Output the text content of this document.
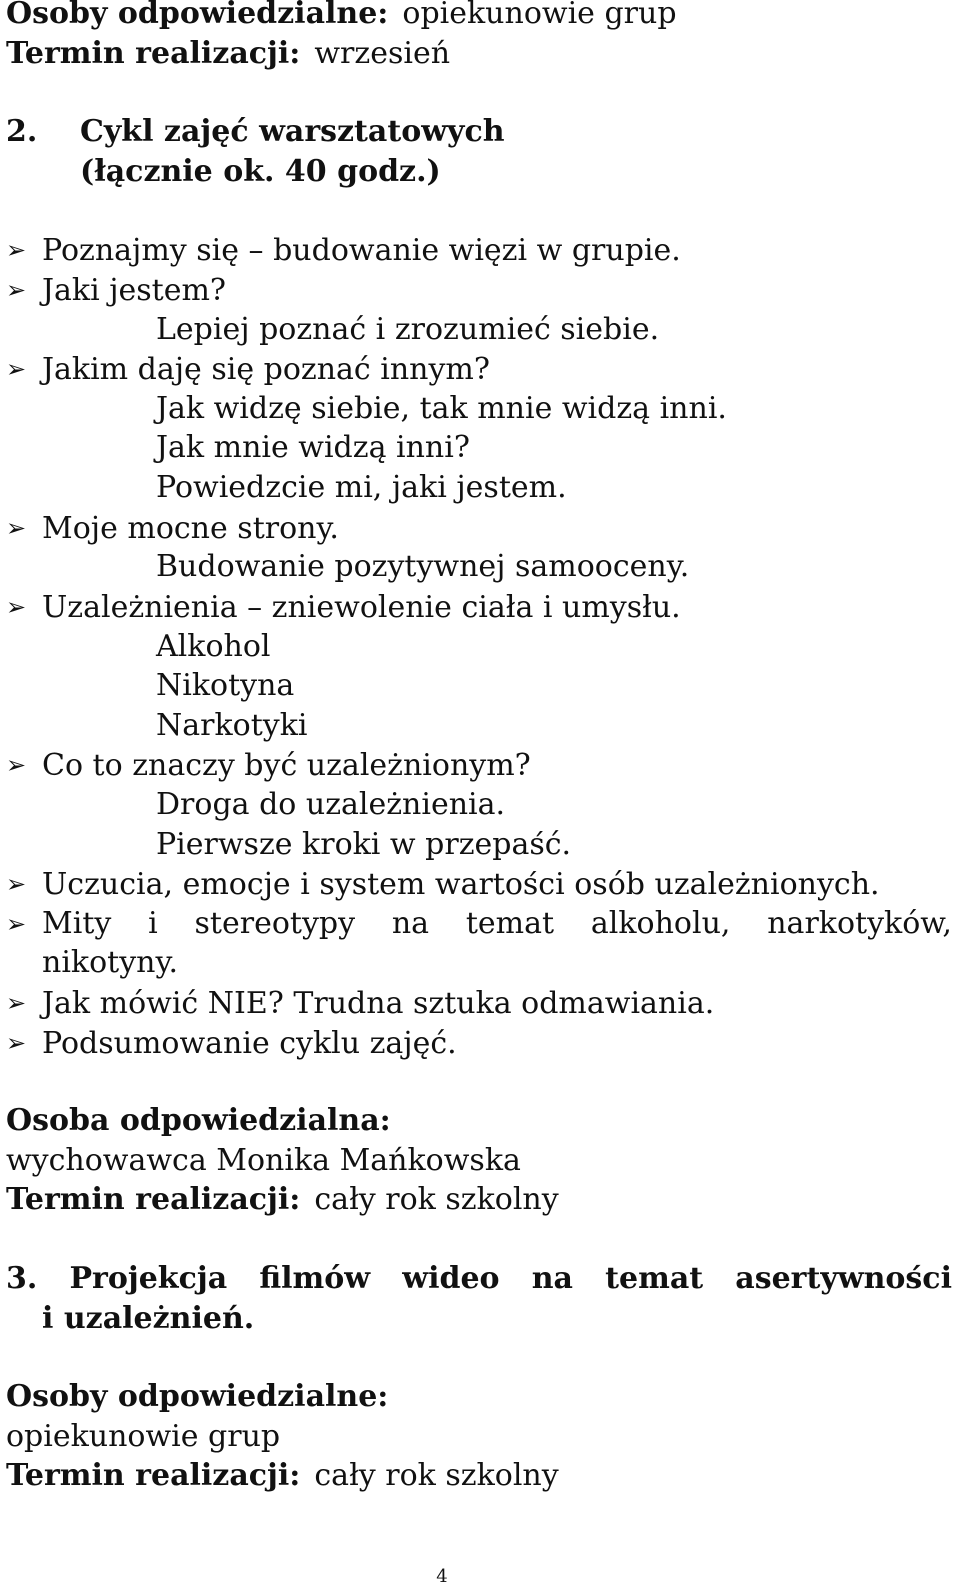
Osoby odpowiedzialne: opiekunowie grup
Termin realizacji: wrzesień
2. Cykl zajęć warsztatowych
(łącznie ok. 40 godz.)
➢ Poznajmy się – budowanie więzi w grupie.
➢ Jaki jestem?
Lepiej poznać i zrozumieć siebie.
➢ Jakim daję się poznać innym?
Jak widzę siebie, tak mnie widzą inni.
Jak mnie widzą inni?
Powiedzcie mi, jaki jestem.
➢ Moje mocne strony.
Budowanie pozytywnej samooceny.
➢ Uzależnienia – zniewolenie ciała i umysłu.
Alkohol
Nikotyna
Narkotyki
➢ Co to znaczy być uzależnionym?
Droga do uzależnienia.
Pierwsze kroki w przepaść.
➢ Uczucia, emocje i system wartości osób uzależnionych.
➢ Mity i stereotypy na temat alkoholu, narkotyków,
nikotyny.
➢ Jak mówić NIE? Trudna sztuka odmawiania.
➢ Podsumowanie cyklu zajęć.
Osoba odpowiedzialna:
wychowawca Monika Mańkowska
Termin realizacji: cały rok szkolny
3. Projekcja filmów wideo na temat asertywności
i uzależnień.
Osoby odpowiedzialne:
opiekunowie grup
Termin realizacji: cały rok szkolny
4
